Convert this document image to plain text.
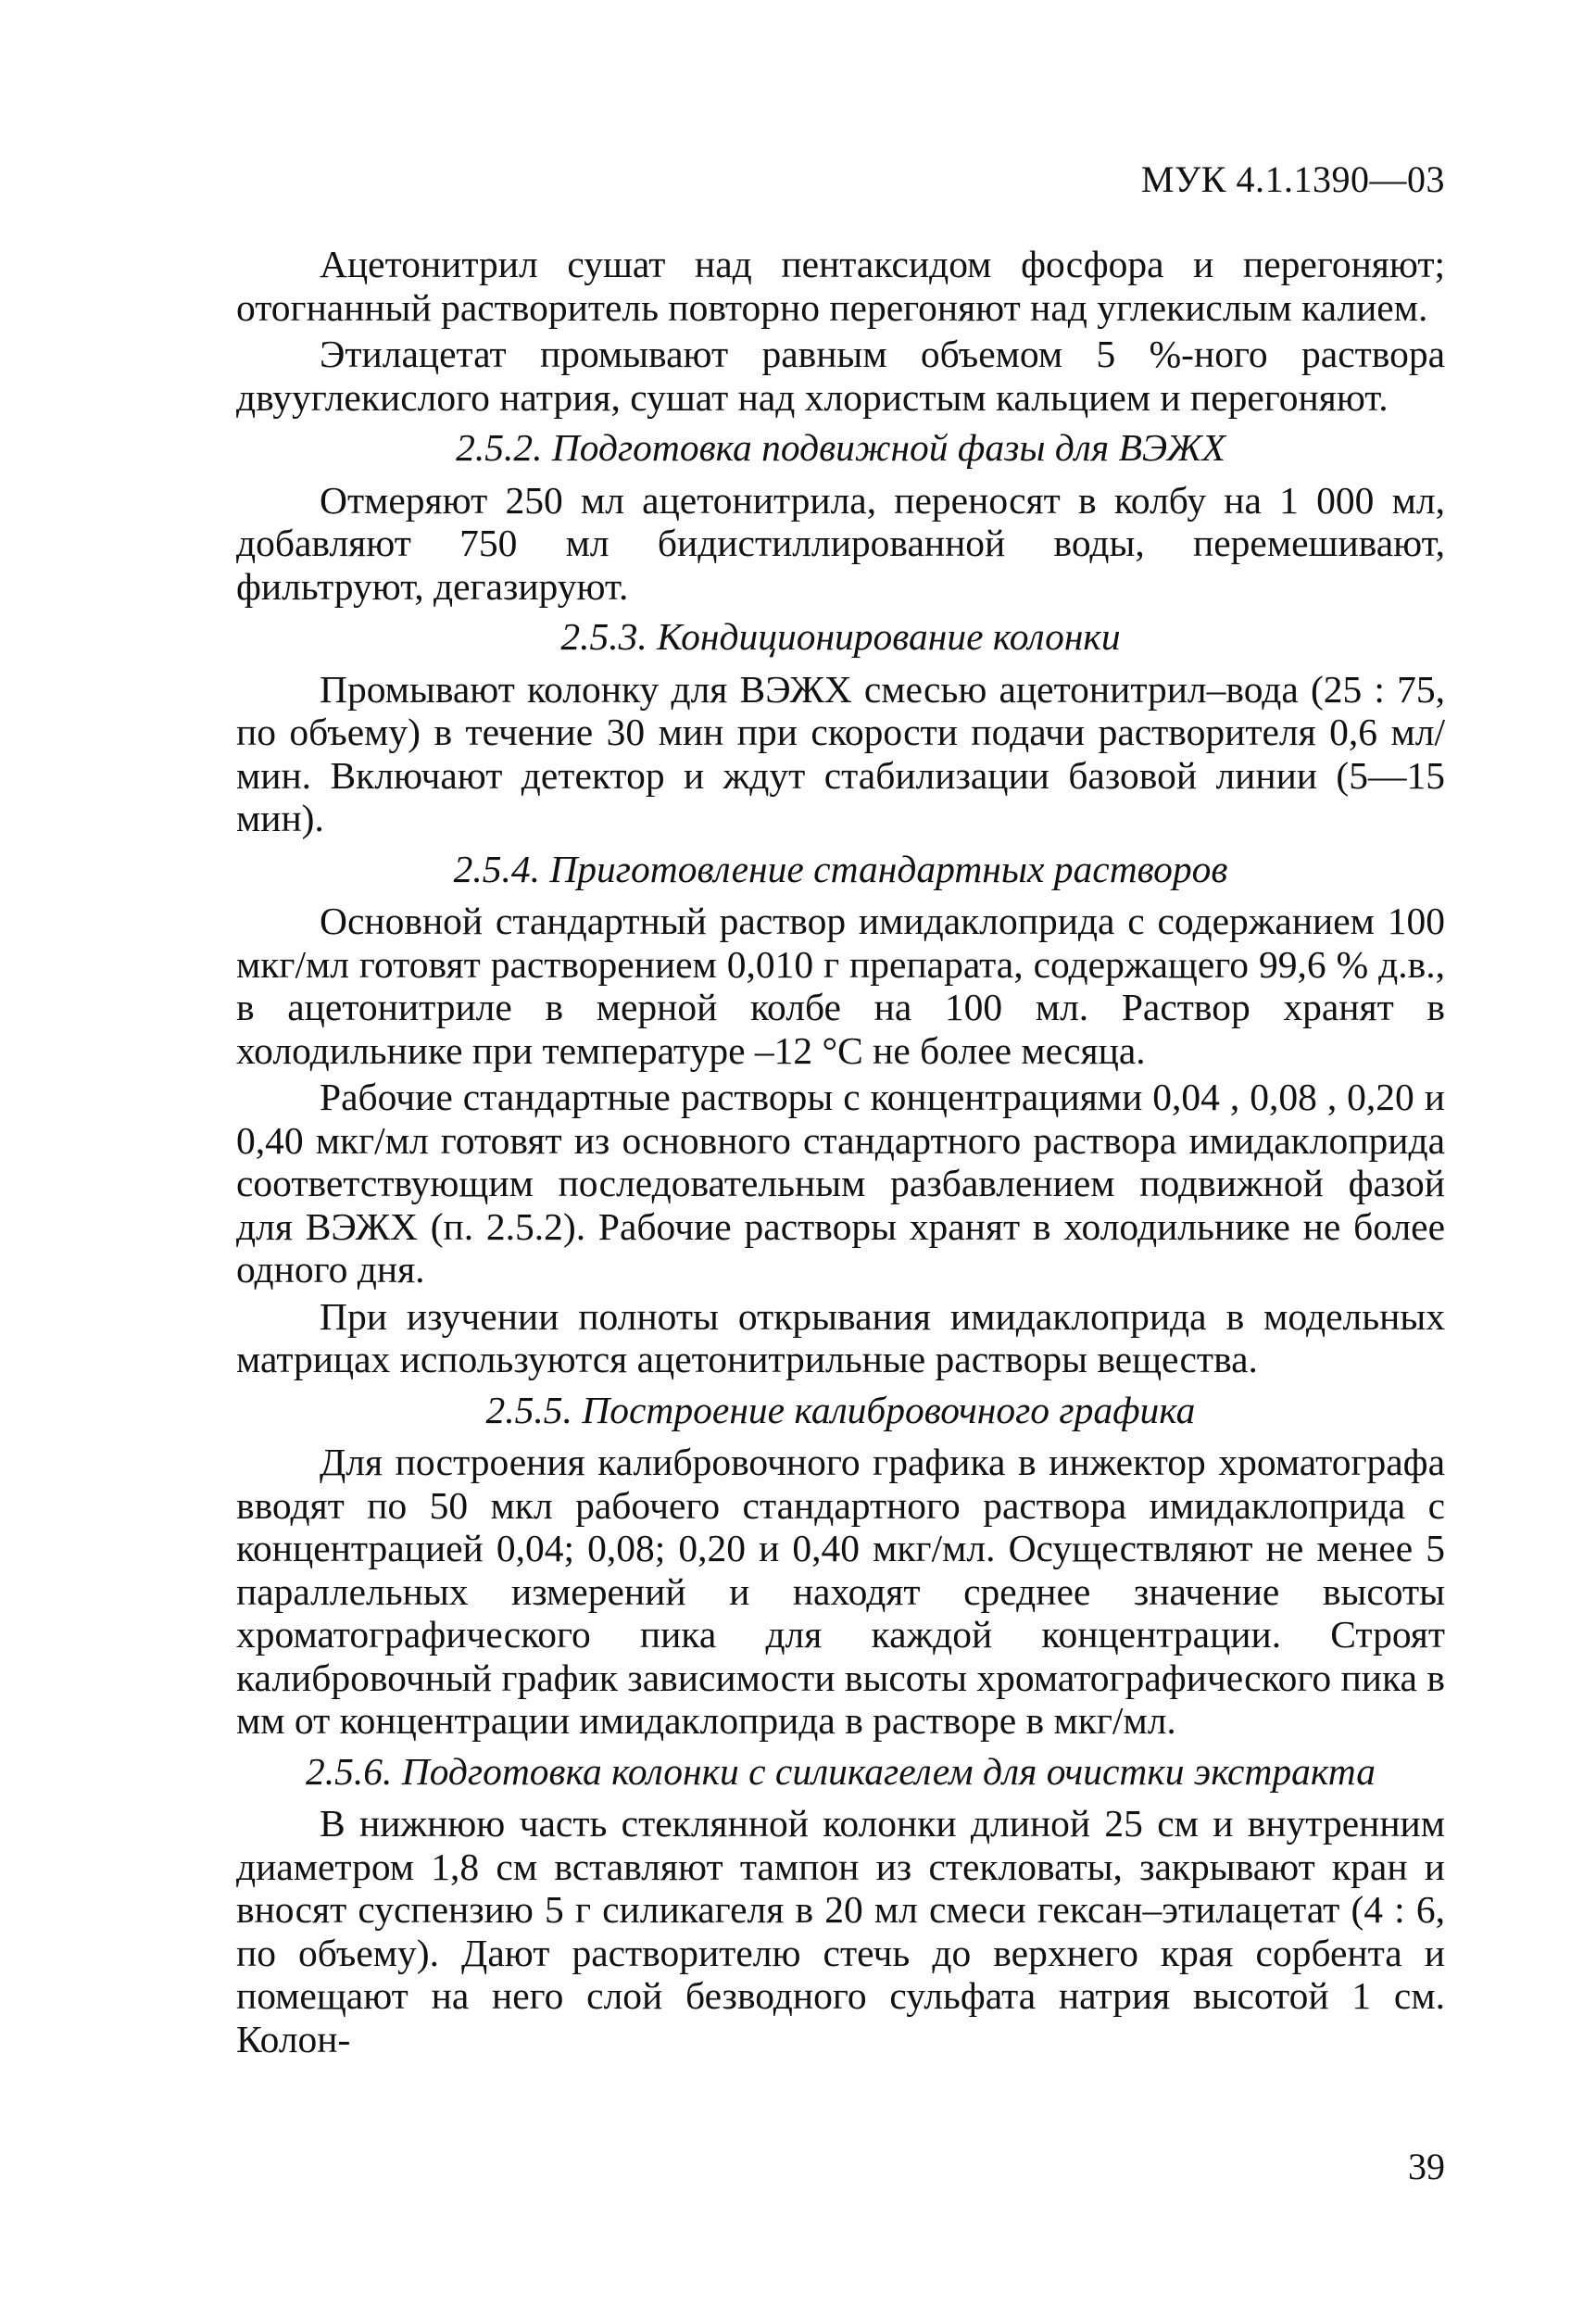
МУК 4.1.1390—03

Ацетонитрил сушат над пентаксидом фосфора и перегоняют; отогнанный растворитель повторно перегоняют над углекислым калием.

Этилацетат промывают равным объемом 5 %-ного раствора двууглекислого натрия, сушат над хлористым кальцием и перегоняют.

2.5.2. Подготовка подвижной фазы для ВЭЖХ

Отмеряют 250 мл ацетонитрила, переносят в колбу на 1 000 мл, добавляют 750 мл бидистиллированной воды, перемешивают, фильтруют, дегазируют.

2.5.3. Кондиционирование колонки

Промывают колонку для ВЭЖХ смесью ацетонитрил–вода (25 : 75, по объему) в течение 30 мин при скорости подачи растворителя 0,6 мл/мин. Включают детектор и ждут стабилизации базовой линии (5—15 мин).

2.5.4. Приготовление стандартных растворов

Основной стандартный раствор имидаклоприда с содержанием 100 мкг/мл готовят растворением 0,010 г препарата, содержащего 99,6 % д.в., в ацетонитриле в мерной колбе на 100 мл. Раствор хранят в холодильнике при температуре –12 °С не более месяца.

Рабочие стандартные растворы с концентрациями 0,04 , 0,08 , 0,20 и 0,40 мкг/мл готовят из основного стандартного раствора имидаклоприда соответствующим последовательным разбавлением подвижной фазой для ВЭЖХ (п. 2.5.2). Рабочие растворы хранят в холодильнике не более одного дня.

При изучении полноты открывания имидаклоприда в модельных матрицах используются ацетонитрильные растворы вещества.

2.5.5. Построение калибровочного графика

Для построения калибровочного графика в инжектор хроматографа вводят по 50 мкл рабочего стандартного раствора имидаклоприда с концентрацией 0,04; 0,08; 0,20 и 0,40 мкг/мл. Осуществляют не менее 5 параллельных измерений и находят среднее значение высоты хроматографического пика для каждой концентрации. Строят калибровочный график зависимости высоты хроматографического пика в мм от концентрации имидаклоприда в растворе в мкг/мл.

2.5.6. Подготовка колонки с силикагелем для очистки экстракта

В нижнюю часть стеклянной колонки длиной 25 см и внутренним диаметром 1,8 см вставляют тампон из стекловаты, закрывают кран и вносят суспензию 5 г силикагеля в 20 мл смеси гексан–этилацетат (4 : 6, по объему). Дают растворителю стечь до верхнего края сорбента и помещают на него слой безводного сульфата натрия высотой 1 см. Колон-

39
